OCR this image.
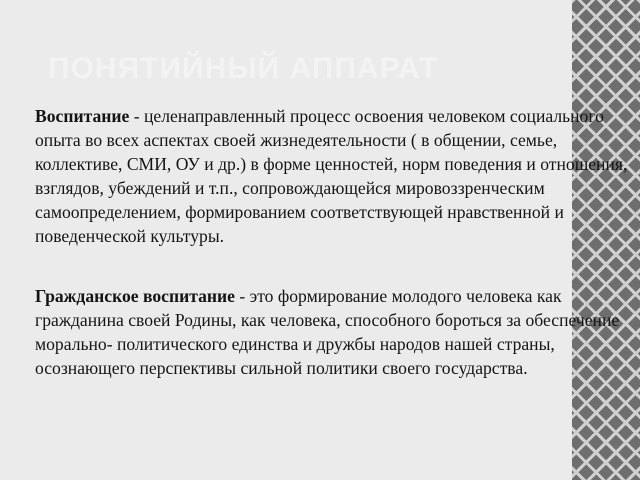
ПОНЯТИЙНЫЙ АППАРАТ

Воспитание - целенаправленный процесс освоения человеком социального опыта во всех аспектах своей жизнедеятельности ( в общении, семье, коллективе, СМИ, ОУ и др.) в форме ценностей, норм поведения и отношения, взглядов, убеждений и т.п., сопровождающейся мировоззренческим самоопределением, формированием соответствующей нравственной и поведенческой культуры.

Гражданское воспитание - это формирование молодого человека как гражданина своей Родины, как человека, способного бороться за обеспечение морально- политического единства и дружбы народов нашей страны, осознающего перспективы сильной политики своего государства.
